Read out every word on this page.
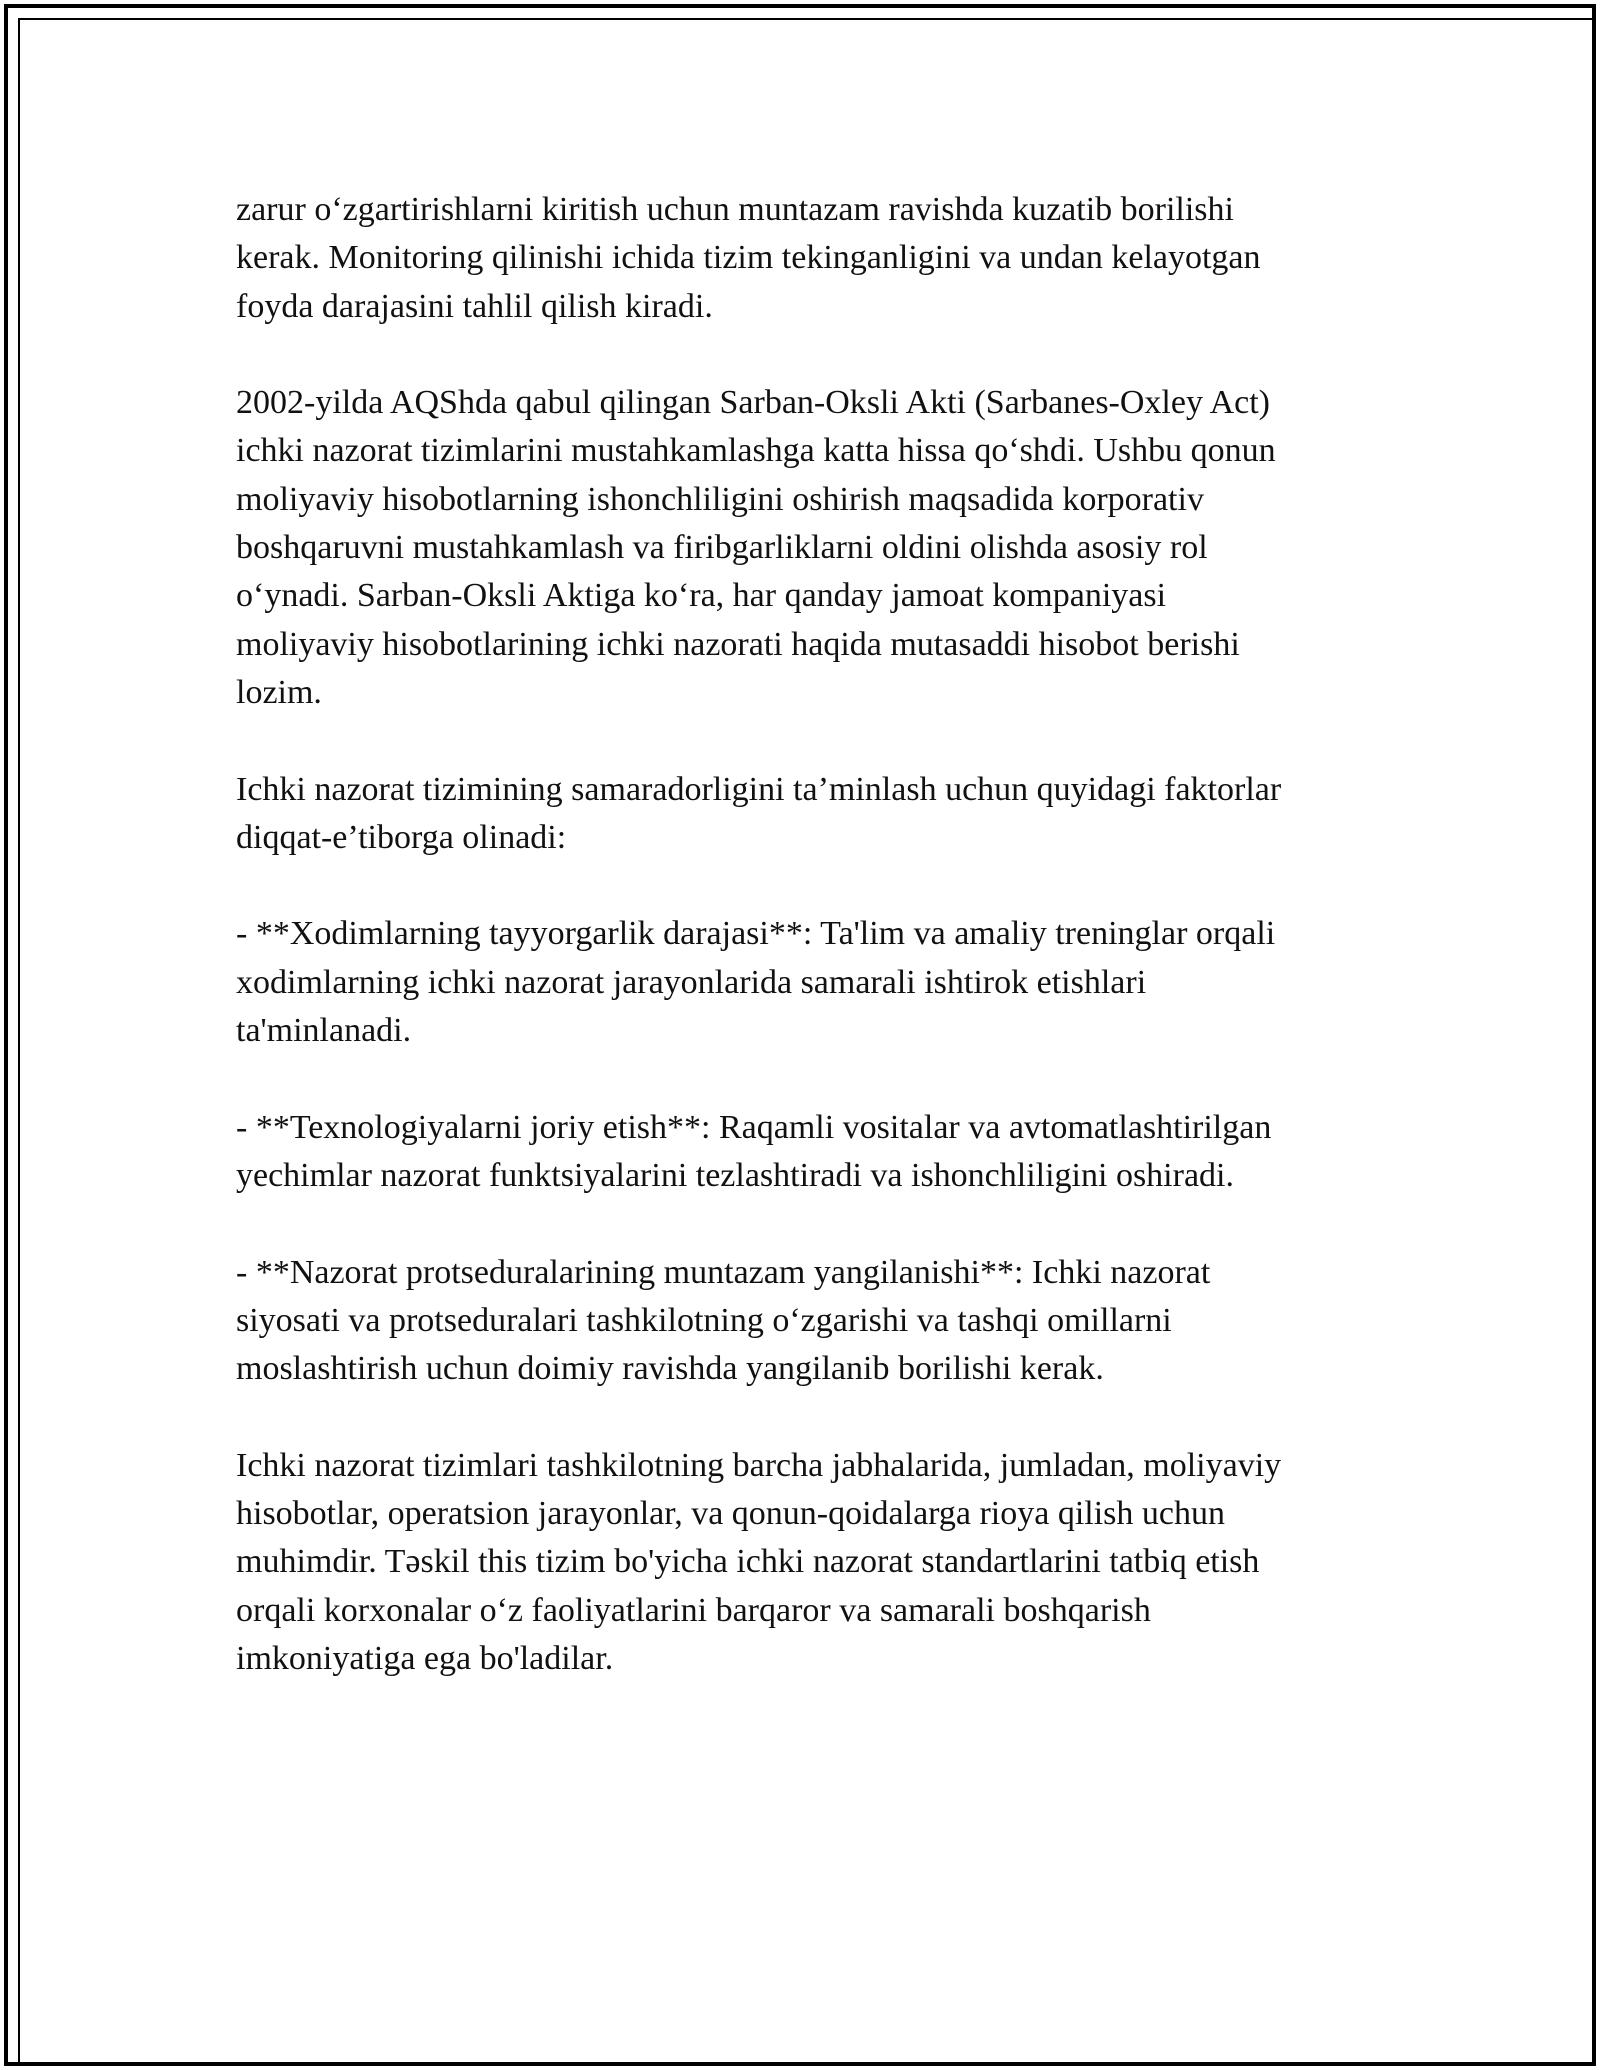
zarur o‘zgartirishlarni kiritish uchun muntazam ravishda kuzatib borilishi
kerak. Monitoring qilinishi ichida tizim tekinganligini va undan kelayotgan
foyda darajasini tahlil qilish kiradi.

2002-yilda AQShda qabul qilingan Sarban-Oksli Akti (Sarbanes-Oxley Act)
ichki nazorat tizimlarini mustahkamlashga katta hissa qo‘shdi. Ushbu qonun
moliyaviy hisobotlarning ishonchliligini oshirish maqsadida korporativ
boshqaruvni mustahkamlash va firibgarliklarni oldini olishda asosiy rol
o‘ynadi. Sarban-Oksli Aktiga ko‘ra, har qanday jamoat kompaniyasi
moliyaviy hisobotlarining ichki nazorati haqida mutasaddi hisobot berishi
lozim.

Ichki nazorat tizimining samaradorligini ta’minlash uchun quyidagi faktorlar
diqqat-e’tiborga olinadi:

- **Xodimlarning tayyorgarlik darajasi**: Ta'lim va amaliy treninglar orqali
xodimlarning ichki nazorat jarayonlarida samarali ishtirok etishlari
ta'minlanadi.

- **Texnologiyalarni joriy etish**: Raqamli vositalar va avtomatlashtirilgan
yechimlar nazorat funktsiyalarini tezlashtiradi va ishonchliligini oshiradi.

- **Nazorat protseduralarining muntazam yangilanishi**: Ichki nazorat
siyosati va protseduralari tashkilotning o‘zgarishi va tashqi omillarni
moslashtirish uchun doimiy ravishda yangilanib borilishi kerak.

Ichki nazorat tizimlari tashkilotning barcha jabhalarida, jumladan, moliyaviy
hisobotlar, operatsion jarayonlar, va qonun-qoidalarga rioya qilish uchun
muhimdir. Təskil this tizim bo'yicha ichki nazorat standartlarini tatbiq etish
orqali korxonalar o‘z faoliyatlarini barqaror va samarali boshqarish
imkoniyatiga ega bo'ladilar.
